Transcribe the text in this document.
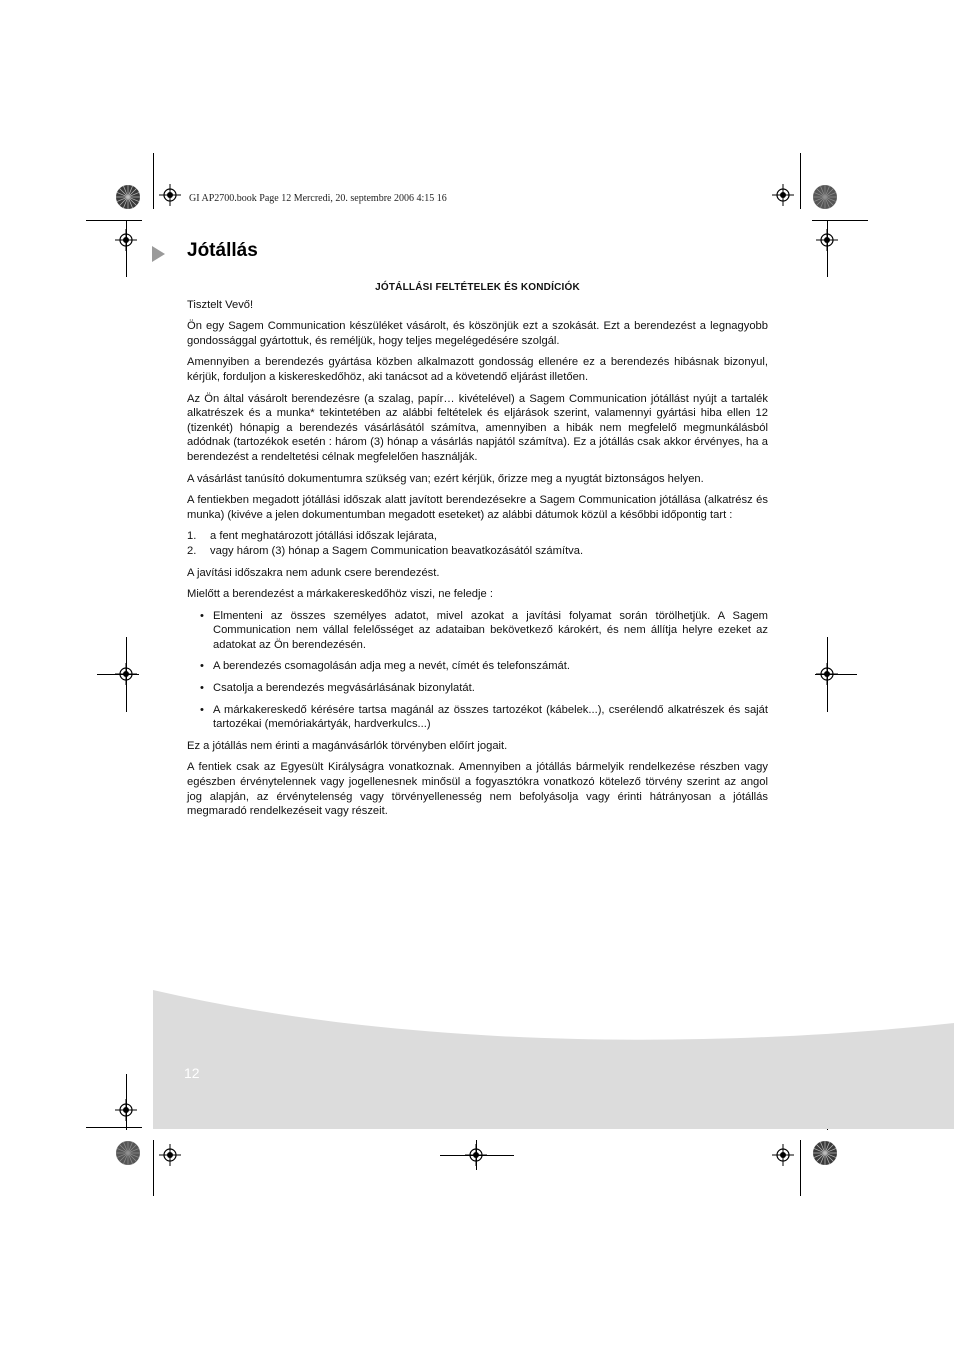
GI AP2700.book Page 12 Mercredi, 20. septembre 2006 4:15 16
Jótállás
JÓTÁLLÁSI FELTÉTELEK ÉS KONDÍCIÓK

Tisztelt Vevő!

Ön egy Sagem Communication készüléket vásárolt, és köszönjük ezt a szokását. Ezt a berendezést a legnagyobb gondossággal gyártottuk, és reméljük, hogy teljes megelégedésére szolgál.

Amennyiben a berendezés gyártása közben alkalmazott gondosság ellenére ez a berendezés hibásnak bizonyul, kérjük, forduljon a kiskereskedőhöz, aki tanácsot ad a követendő eljárást illetően.

Az Ön által vásárolt berendezésre (a szalag, papír… kivételével) a Sagem Communication jótállást nyújt a tartalék alkatrészek és a munka* tekintetében az alábbi feltételek és eljárások szerint, valamennyi gyártási hiba ellen 12 (tizenkét) hónapig a berendezés vásárlásától számítva, amennyiben a hibák nem megfelelő megmunkálásból adódnak (tartozékok esetén : három (3) hónap a vásárlás napjától számítva). Ez a jótállás csak akkor érvényes, ha a berendezést a rendeltetési célnak megfelelően használják.

A vásárlást tanúsító dokumentumra szükség van; ezért kérjük, őrizze meg a nyugtát biztonságos helyen.

A fentiekben megadott jótállási időszak alatt javított berendezésekre a Sagem Communication jótállása (alkatrész és munka) (kivéve a jelen dokumentumban megadott eseteket) az alábbi dátumok közül a későbbi időpontig tart :

1. a fent meghatározott jótállási időszak lejárata,
2. vagy három (3) hónap a Sagem Communication beavatkozásától számítva.

A javítási időszakra nem adunk csere berendezést.

Mielőtt a berendezést a márkakereskedőhöz viszi, ne feledje :

• Elmenteni az összes személyes adatot, mivel azokat a javítási folyamat során törölhetjük. A Sagem Communication nem vállal felelősséget az adataiban bekövetkező károkért, és nem állítja helyre ezeket az adatokat az Ön berendezésén.
• A berendezés csomagolásán adja meg a nevét, címét és telefonszámát.
• Csatolja a berendezés megvásárlásának bizonylatát.
• A márkakereskedő kérésére tartsa magánál az összes tartozékot (kábelek...), cserélendő alkatrészek és saját tartozékai (memóriakártyák, hardverkulcs...)

Ez a jótállás nem érinti a magánvásárlók törvényben előírt jogait.

A fentiek csak az Egyesült Királyságra vonatkoznak. Amennyiben a jótállás bármelyik rendelkezése részben vagy egészben érvénytelennek vagy jogellenesnek minősül a fogyasztókra vonatkozó kötelező törvény szerint az angol jog alapján, az érvénytelenség vagy törvényellenesség nem befolyásolja vagy érinti hátrányosan a jótállás megmaradó rendelkezéseit vagy részeit.

12
